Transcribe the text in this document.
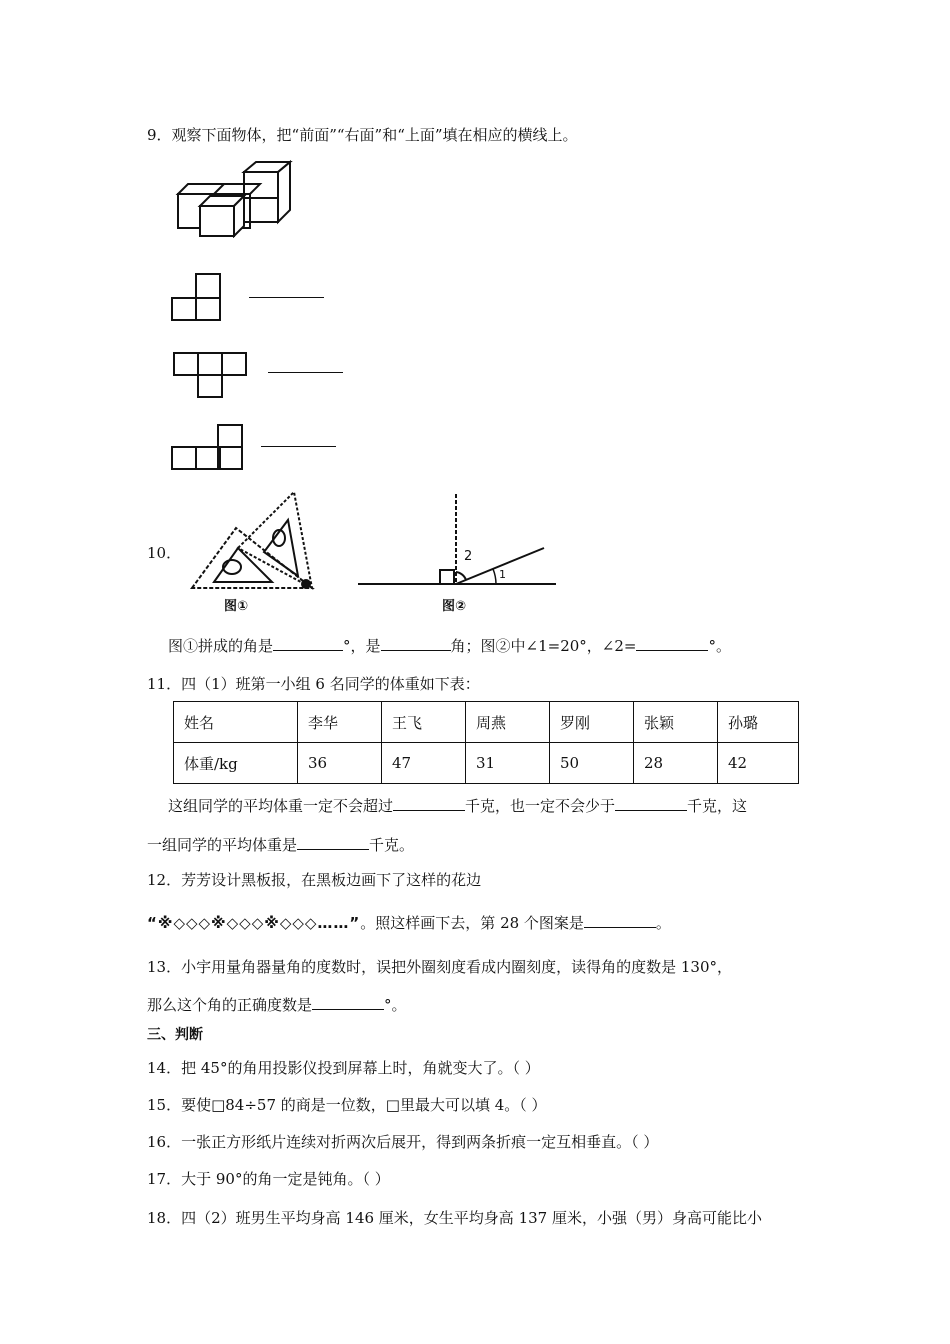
9．观察下面物体，把“前面”“右面”和“上面”填在相应的横线上。
10．
图①
2
1
图②
图①拼成的角是	°，是	角；图②中∠1=20°，∠2=	°。
11．四（1）班第一小组 6 名同学的体重如下表：
姓名	李华	王飞	周燕	罗刚	张颖	孙璐
体重/kg	36	47	31	50	28	42
这组同学的平均体重一定不会超过	千克，也一定不会少于	千克，这
一组同学的平均体重是	千克。
12．芳芳设计黑板报，在黑板边画下了这样的花边
“※◇◇◇※◇◇◇※◇◇◇……”。照这样画下去，第 28 个图案是	。
13．小宇用量角器量角的度数时，误把外圈刻度看成内圈刻度，读得角的度数是 130°，
那么这个角的正确度数是	°。
三、判断
14．把 45°的角用投影仪投到屏幕上时，角就变大了。（ ）
15．要使□84÷57 的商是一位数，□里最大可以填 4。（ ）
16．一张正方形纸片连续对折两次后展开，得到两条折痕一定互相垂直。（ ）
17．大于 90°的角一定是钝角。（ ）
18．四（2）班男生平均身高 146 厘米，女生平均身高 137 厘米，小强（男）身高可能比小
